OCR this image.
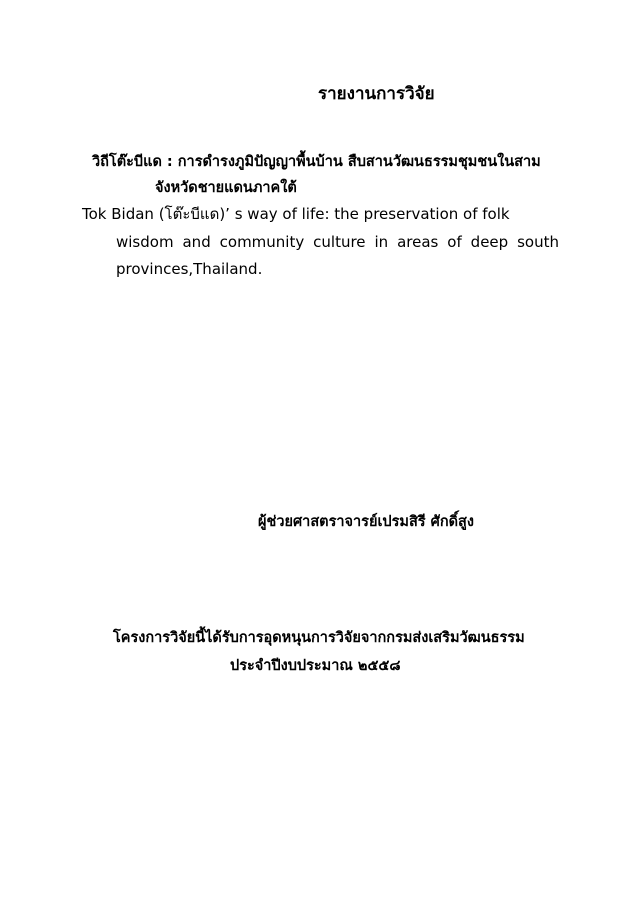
รายงานการวิจัย
วิถีโต๊ะบีแด : การดำรงภูมิปัญญาพื้นบ้าน สืบสานวัฒนธรรมชุมชนในสาม
จังหวัดชายแดนภาคใต้
Tok Bidan (โต๊ะบีแด)’ s way of life: the preservation of folk
wisdom and community culture in areas of deep south
provinces,Thailand.
ผู้ช่วยศาสตราจารย์เปรมสิรี ศักดิ์สูง
โครงการวิจัยนี้ได้รับการอุดหนุนการวิจัยจากกรมส่งเสริมวัฒนธรรม
ประจำปีงบประมาณ ๒๕๕๘
